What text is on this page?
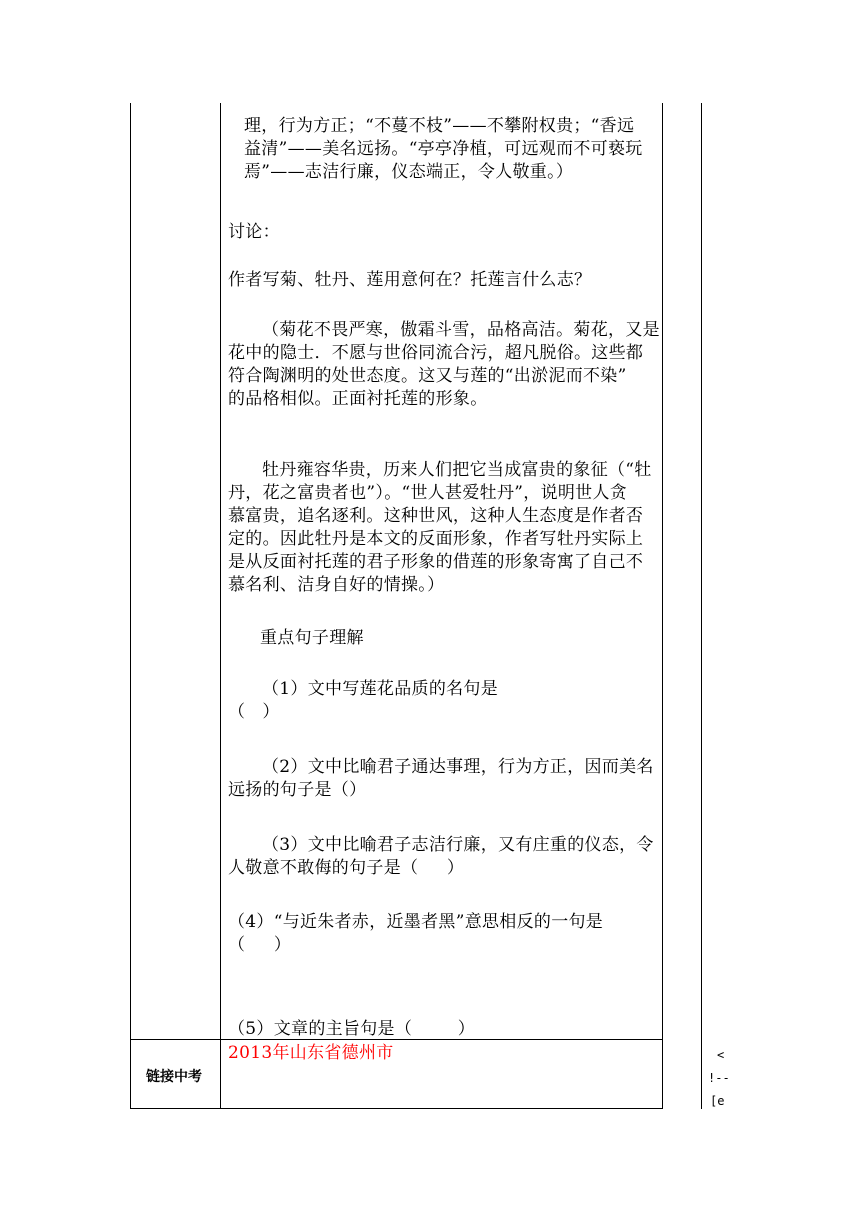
理，行为方正；“不蔓不枝”——不攀附权贵；“香远
益清”——美名远扬。“亭亭净植，可远观而不可亵玩
焉”——志洁行廉，仪态端正，令人敬重。）

讨论：

作者写菊、牡丹、莲用意何在？托莲言什么志？

（菊花不畏严寒，傲霜斗雪，品格高洁。菊花，又是
花中的隐士．不愿与世俗同流合污，超凡脱俗。这些都
符合陶渊明的处世态度。这又与莲的“出淤泥而不染”
的品格相似。正面衬托莲的形象。

牡丹雍容华贵，历来人们把它当成富贵的象征（“牡
丹，花之富贵者也”）。“世人甚爱牡丹”，说明世人贪
慕富贵，追名逐利。这种世风，这种人生态度是作者否
定的。因此牡丹是本文的反面形象，作者写牡丹实际上
是从反面衬托莲的君子形象的借莲的形象寄寓了自己不
慕名利、洁身自好的情操。）

重点句子理解

（1）文中写莲花品质的名句是
（   ）

（2）文中比喻君子通达事理，行为方正，因而美名
远扬的句子是（）

（3）文中比喻君子志洁行廉，又有庄重的仪态，令
人敬意不敢侮的句子是（     ）

（4）“与近朱者赤，近墨者黑”意思相反的一句是
（     ）

（5）文章的主旨句是（        ）

链接中考
2013年山东省德州市	<
!--
[e
